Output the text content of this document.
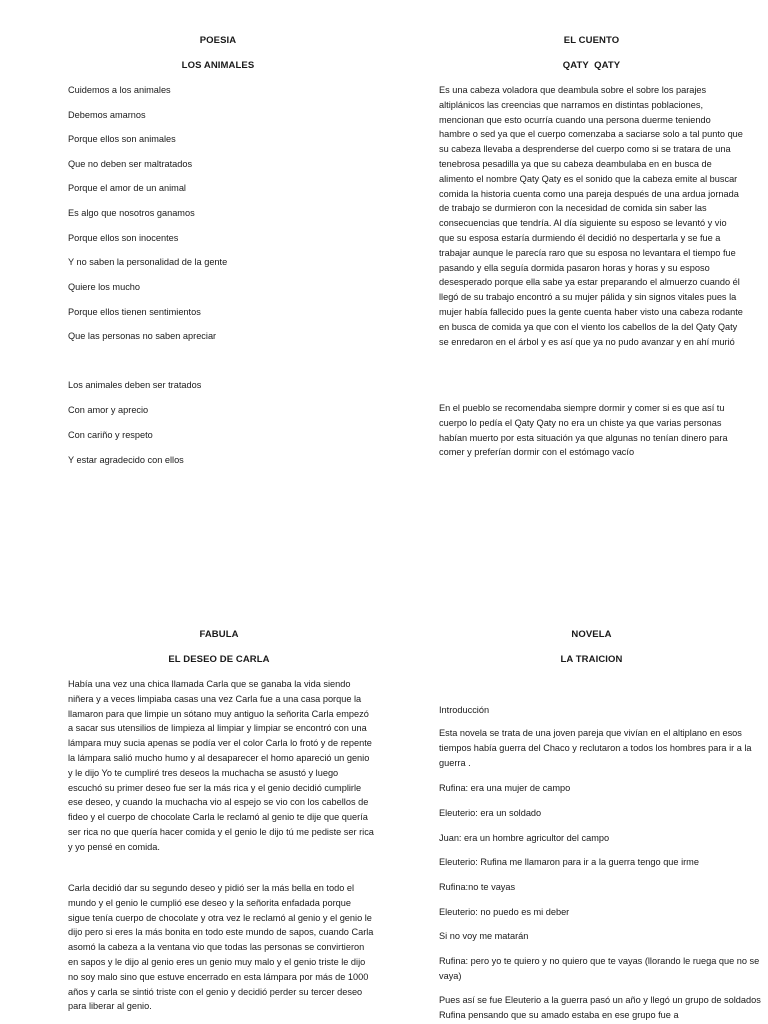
POESIA
LOS ANIMALES
Cuidemos a los animales
Debemos amarnos
Porque ellos son animales
Que no deben ser maltratados
Porque el amor de un animal
Es algo que nosotros ganamos
Porque ellos son inocentes
Y no saben la personalidad de la gente
Quiere los mucho
Porque ellos tienen sentimientos
Que las personas no saben apreciar
Los animales deben ser tratados
Con amor y aprecio
Con cariño y respeto
Y estar agradecido con ellos
EL CUENTO
QATY  QATY

Es una cabeza voladora que deambula sobre el sobre los parajes altiplánicos las creencias que narramos en distintas poblaciones, mencionan que esto ocurría cuando una persona duerme teniendo hambre o sed ya que el cuerpo comenzaba a saciarse solo a tal punto que su cabeza llevaba a desprenderse del cuerpo como si se tratara de una tenebrosa pesadilla ya que su cabeza deambulaba en en busca de alimento el nombre Qaty Qaty es el sonido que la cabeza emite al buscar comida la historia cuenta como una pareja después de una ardua jornada de trabajo se durmieron con la necesidad de comida sin saber las consecuencias que tendría. Al día siguiente su esposo se levantó y vio que su esposa estaría durmiendo él decidió no despertarla y se fue a trabajar aunque le parecía raro que su esposa no levantara el tiempo fue pasando y ella seguía dormida pasaron horas y horas y su esposo desesperado porque ella sabe ya estar preparando el almuerzo cuando él llegó de su trabajo encontró a su mujer pálida y sin signos vitales pues la mujer había fallecido pues la gente cuenta haber visto una cabeza rodante en busca de comida ya que con el viento los cabellos de la del Qaty Qaty se enredaron en el árbol y es así que ya no pudo avanzar y en ahí murió

En el pueblo se recomendaba siempre dormir y comer si es que así tu cuerpo lo pedía el Qaty Qaty no era un chiste ya que varias personas habían muerto por esta situación ya que algunas no tenían dinero para comer y preferían dormir con el estómago vacío

FABULA
EL DESEO DE CARLA

Había una vez una chica llamada Carla que se ganaba la vida siendo niñera y a veces limpiaba casas una vez Carla fue a una casa porque la llamaron para que limpie un sótano muy antiguo la señorita Carla empezó a sacar sus utensilios de limpieza al limpiar y limpiar se encontró con una lámpara muy sucia apenas se podía ver el color Carla lo frotó y de repente la lámpara salió mucho humo y al desaparecer el homo apareció un genio y le dijo Yo te cumpliré tres deseos la muchacha se asustó y luego escuchó su primer deseo fue ser la más rica y el genio decidió cumplirle ese deseo, y cuando la muchacha vio al espejo se vio con los cabellos de fideo y el cuerpo de chocolate Carla le reclamó al genio te dije que quería ser rica no que quería hacer comida y el genio le dijo tú me pediste ser rica y yo pensé en comida.

Carla decidió dar su segundo deseo y pidió ser la más bella en todo el mundo y el genio le cumplió ese deseo y la señorita enfadada porque sigue tenía cuerpo de chocolate y otra vez le reclamó al genio y el genio le dijo pero si eres la más bonita en todo este mundo de sapos, cuando Carla asomó la cabeza a la ventana vio que todas las personas se convirtieron en sapos y le dijo al genio eres un genio muy malo y el genio triste le dijo no soy malo sino que estuve encerrado en esta lámpara por más de 1000 años y carla se sintió triste con el genio y decidió perder su tercer deseo para liberar al genio.

NOVELA
LA TRAICION
Introducción
Esta novela se trata de una joven pareja que vivían en el altiplano en esos tiempos había guerra del Chaco y reclutaron a todos los hombres para ir a la guerra .
Rufina: era una mujer de campo
Eleuterio: era un soldado
Juan: era un hombre agricultor del campo
Eleuterio: Rufina me llamaron para ir a la guerra tengo que irme
Rufina:no te vayas
Eleuterio: no puedo es mi deber
Si no voy me matarán
Rufina: pero yo te quiero y no quiero que te vayas (llorando le ruega que no se vaya)
Pues así se fue Eleuterio a la guerra pasó un año y llegó un grupo de soldados Rufina pensando que su amado estaba en ese grupo fue a
